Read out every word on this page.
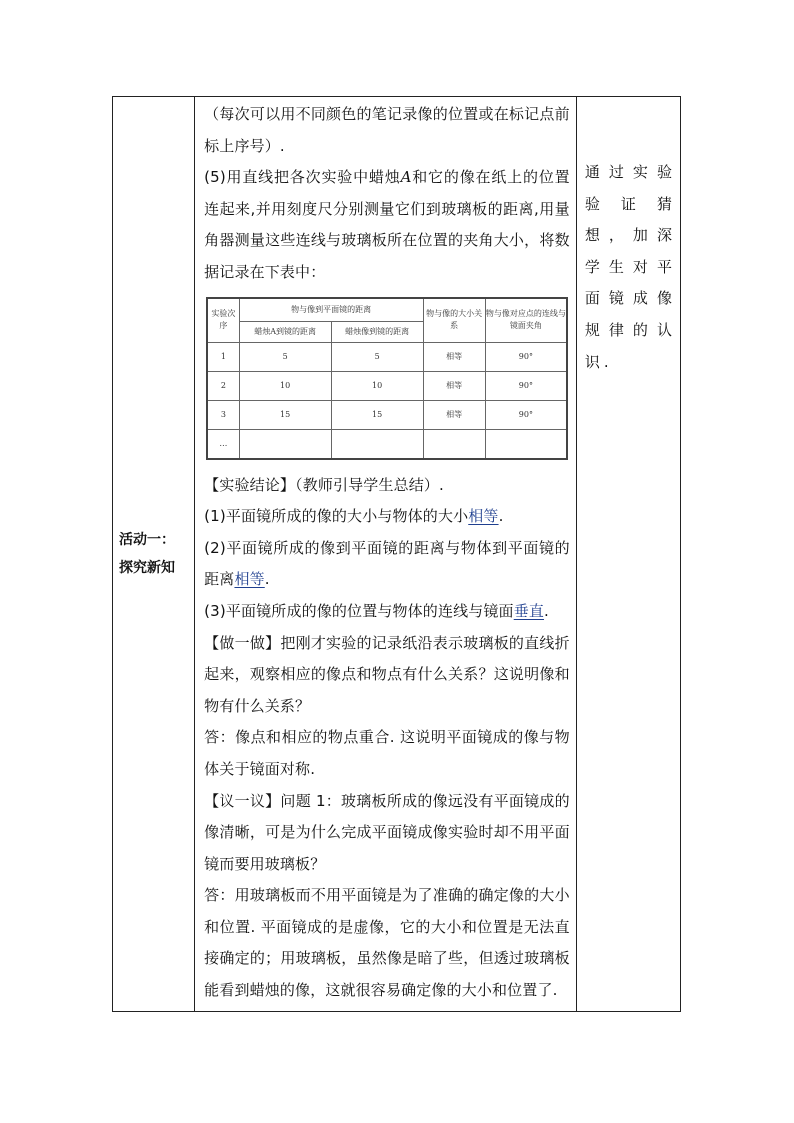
活动一：
探究新知

（每次可以用不同颜色的笔记录像的位置或在标记点前标上序号）.

(5)用直线把各次实验中蜡烛A和它的像在纸上的位置连起来,并用刻度尺分别测量它们到玻璃板的距离,用量角器测量这些连线与玻璃板所在位置的夹角大小，将数据记录在下表中：

实验次序	物与像到平面镜的距离	物与像的大小关系	物与像对应点的连线与镜面夹角
蜡烛A到镜的距离	蜡烛像到镜的距离
1	5	5	相等	90°
2	10	10	相等	90°
3	15	15	相等	90°
…				

【实验结论】（教师引导学生总结）.

(1)平面镜所成的像的大小与物体的大小相等.

(2)平面镜所成的像到平面镜的距离与物体到平面镜的距离相等.

(3)平面镜所成的像的位置与物体的连线与镜面垂直.

【做一做】把刚才实验的记录纸沿表示玻璃板的直线折起来，观察相应的像点和物点有什么关系？这说明像和物有什么关系？

答：像点和相应的物点重合. 这说明平面镜成的像与物体关于镜面对称.

【议一议】问题 1：玻璃板所成的像远没有平面镜成的像清晰，可是为什么完成平面镜成像实验时却不用平面镜而要用玻璃板？

答：用玻璃板而不用平面镜是为了准确的确定像的大小和位置. 平面镜成的是虚像，它的大小和位置是无法直接确定的；用玻璃板，虽然像是暗了些，但透过玻璃板能看到蜡烛的像，这就很容易确定像的大小和位置了.

通过实验验证猜想，加深学生对平面镜成像规律的认识.
